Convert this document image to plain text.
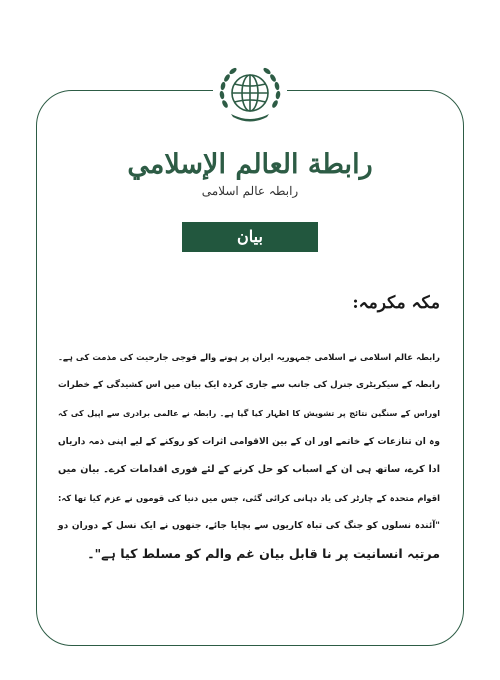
رابطة العالم الإسلامي
رابطہ عالم اسلامی
بیان
مکہ مکرمہ:
رابطہ عالم اسلامی نے اسلامی جمہوریہ ایران پر ہونے والے فوجی جارحیت کی مذمت کی ہے۔
رابطہ کے سیکریٹری جنرل کی جانب سے جاری کردہ ایک بیان میں اس کشیدگی کے خطرات
اوراس کے سنگین نتائج پر تشویش کا اظہار کیا گیا ہے۔ رابطہ نے عالمی برادری سے اپیل کی کہ
وہ ان تنازعات کے خاتمے اور ان کے بین الاقوامی اثرات کو روکنے کے لیے اپنی ذمہ داریاں
ادا کرے، ساتھ ہی ان کے اسباب کو حل کرنے کے لئے فوری اقدامات کرے۔ بیان میں
اقوام متحدہ کے چارٹر کی یاد دہانی کرائی گئی، جس میں دنیا کی قوموں نے عزم کیا تھا کہ:
"آئندہ نسلوں کو جنگ کی تباہ کاریوں سے بچایا جائے، جنھوں نے ایک نسل کے دوران دو
مرتبہ انسانیت پر نا قابل بیان غم والم کو مسلط کیا ہے"۔
